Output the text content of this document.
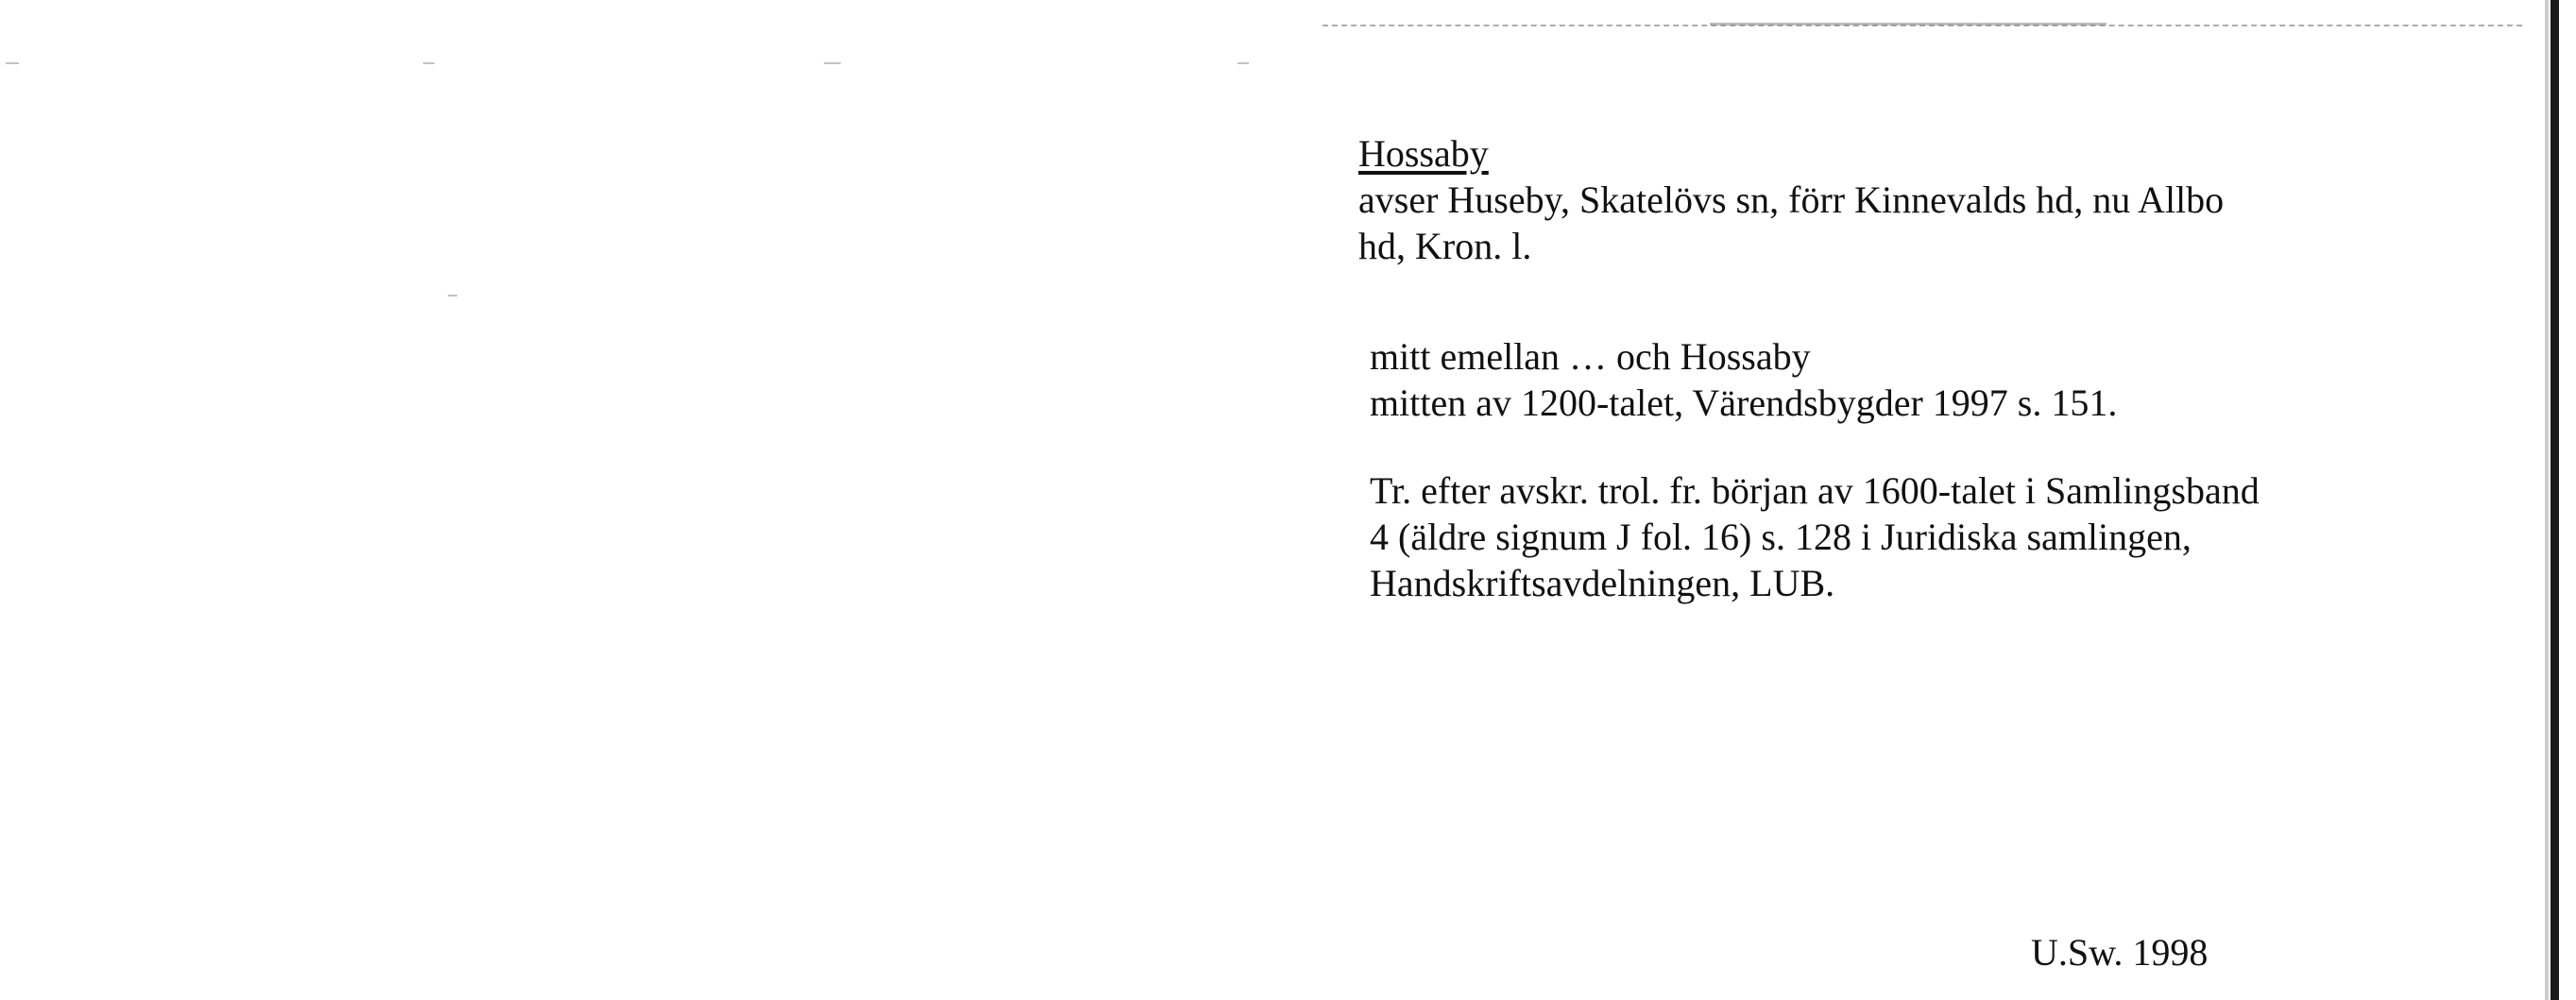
Hossaby
avser Huseby, Skatelövs sn, förr Kinnevalds hd, nu Allbo
hd, Kron. l.

mitt emellan … och Hossaby
mitten av 1200-talet, Värendsbygder 1997 s. 151.

Tr. efter avskr. trol. fr. början av 1600-talet i Samlingsband
4 (äldre signum J fol. 16) s. 128 i Juridiska samlingen,
Handskriftsavdelningen, LUB.

U.Sw. 1998
